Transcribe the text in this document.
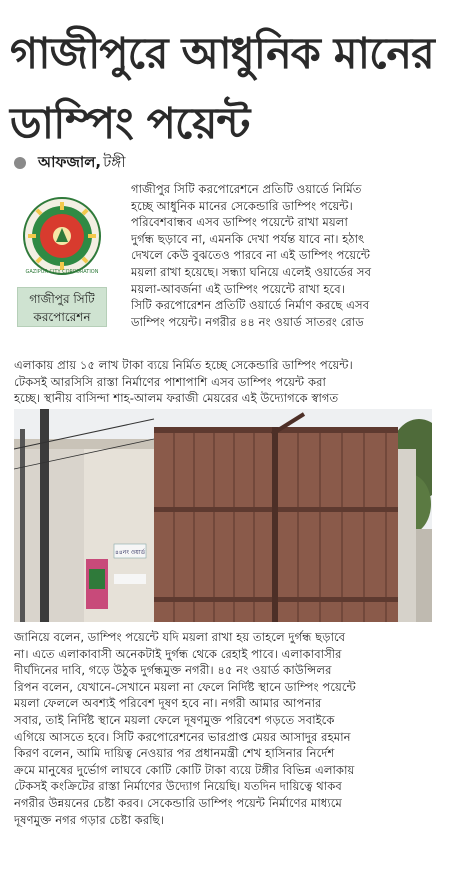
গাজীপুরে আধুনিক মানের
ডাম্পিং পয়েন্ট
আফজাল, টঙ্গী
GAZIPUR CITY CORPORATION
গাজীপুর সিটি
করপোরেশন
গাজীপুর সিটি করপোরেশনে প্রতিটি ওয়ার্ডে নির্মিত
হচ্ছে আধুনিক মানের সেকেন্ডারি ডাম্পিং পয়েন্ট।
পরিবেশবান্ধব এসব ডাম্পিং পয়েন্টে রাখা ময়লা
দুর্গন্ধ ছড়াবে না, এমনকি দেখা পর্যন্ত যাবে না। হঠাৎ
দেখলে কেউ বুঝতেও পারবে না এই ডাম্পিং পয়েন্টে
ময়লা রাখা হয়েছে। সন্ধ্যা ঘনিয়ে এলেই ওয়ার্ডের সব
ময়লা-আবর্জনা এই ডাম্পিং পয়েন্টে রাখা হবে।
সিটি করপোরেশন প্রতিটি ওয়ার্ডে নির্মাণ করছে এসব
ডাম্পিং পয়েন্ট। নগরীর ৪৪ নং ওয়ার্ড সাতরং রোড
এলাকায় প্রায় ১৫ লাখ টাকা ব্যয়ে নির্মিত হচ্ছে সেকেন্ডারি ডাম্পিং পয়েন্ট।
টেকসই আরসিসি রাস্তা নির্মাণের পাশাপাশি এসব ডাম্পিং পয়েন্ট করা
হচ্ছে। স্থানীয় বাসিন্দা শাহ-আলম ফরাজী মেয়রের এই উদ্যোগকে স্বাগত
৪৪নং ওয়ার্ড
জানিয়ে বলেন, ডাম্পিং পয়েন্টে যদি ময়লা রাখা হয় তাহলে দুর্গন্ধ ছড়াবে
না। এতে এলাকাবাসী অনেকটাই দুর্গন্ধ থেকে রেহাই পাবে। এলাকাবাসীর
দীর্ঘদিনের দাবি, গড়ে উঠুক দুর্গন্ধমুক্ত নগরী। ৪৫ নং ওয়ার্ড কাউন্সিলর
রিপন বলেন, যেখানে-সেখানে ময়লা না ফেলে নির্দিষ্ট স্থানে ডাম্পিং পয়েন্টে
ময়লা ফেললে অবশ্যই পরিবেশ দূষণ হবে না। নগরী আমার আপনার
সবার, তাই নির্দিষ্ট স্থানে ময়লা ফেলে দূষণমুক্ত পরিবেশ গড়তে সবাইকে
এগিয়ে আসতে হবে। সিটি করপোরেশনের ভারপ্রাপ্ত মেয়র আসাদুর রহমান
কিরণ বলেন, আমি দায়িত্ব নেওয়ার পর প্রধানমন্ত্রী শেখ হাসিনার নির্দেশ
ক্রমে মানুষের দুর্ভোগ লাঘবে কোটি কোটি টাকা ব্যয়ে টঙ্গীর বিভিন্ন এলাকায়
টেকসই কংক্রিটের রাস্তা নির্মাণের উদ্যোগ নিয়েছি। যতদিন দায়িত্বে থাকব
নগরীর উন্নয়নের চেষ্টা করব। সেকেন্ডারি ডাম্পিং পয়েন্ট নির্মাণের মাধ্যমে
দূষণমুক্ত নগর গড়ার চেষ্টা করছি।
